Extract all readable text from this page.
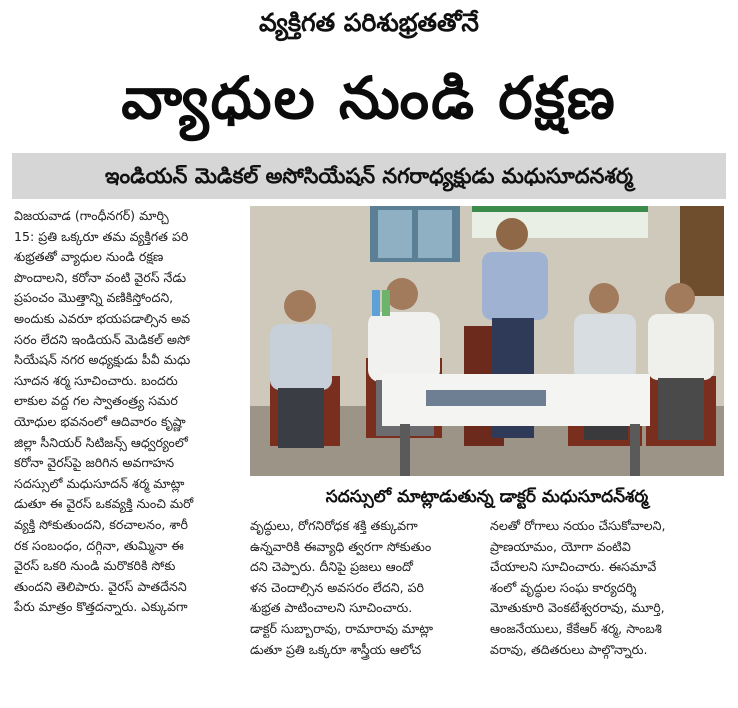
వ్యక్తిగత పరిశుభ్రతతోనే
వ్యాధుల నుండి రక్షణ
ఇండియన్ మెడికల్ అసోసియేషన్ నగరాధ్యక్షుడు మధుసూదనశర్మ
విజయవాడ (గాంధీనగర్) మార్చి
15: ప్రతి ఒక్కరూ తమ వ్యక్తిగత పరి
శుభ్రతతో వ్యాధుల నుండి రక్షణ
పొందాలని, కరోనా వంటి వైరస్ నేడు
ప్రపంచం మొత్తాన్ని వణికిస్తోందని,
అందుకు ఎవరూ భయపడాల్సిన అవ
సరం లేదని ఇండియన్ మెడికల్ అసో
సియేషన్ నగర అధ్యక్షుడు పీవీ మధు
సూదన శర్మ సూచించారు. బందరు
లాకుల వద్ద గల స్వాతంత్ర్య సమర
యోధుల భవనంలో ఆదివారం కృష్ణా
జిల్లా సీనియర్ సిటిజన్స్ ఆధ్వర్యంలో
కరోనా వైరస్‌పై జరిగిన అవగాహన
సదస్సులో మధుసూదన్ శర్మ మాట్లా
డుతూ ఈ వైరస్ ఒకవ్యక్తి నుంచి మరో
వ్యక్తి సోకుతుందని, కరచాలనం, శారీ
రక సంబంధం, దగ్గినా, తుమ్మినా ఈ
వైరస్ ఒకరి నుండి మరొకరికి సోకు
తుందని తెలిపారు. వైరస్ పాతదేనని
పేరు మాత్రం కొత్తదన్నారు. ఎక్కువగా
సదస్సులో మాట్లాడుతున్న డాక్టర్ మధుసూదన్‌శర్మ
వృద్ధులు, రోగనిరోధక శక్తి తక్కువగా
ఉన్నవారికి ఈవ్యాధి త్వరగా సోకుతుం
దని చెప్పారు. దీనిపై ప్రజలు ఆందో
ళన చెందాల్సిన అవసరం లేదని, పరి
శుభ్రత పాటించాలని సూచించారు.
డాక్టర్ సుబ్బారావు, రామారావు మాట్లా
డుతూ ప్రతి ఒక్కరూ శాస్త్రీయ ఆలోచ
నలతో రోగాలు నయం చేసుకోవాలని,
ప్రాణయామం, యోగా వంటివి
చేయాలని సూచించారు. ఈసమావే
శంలో వృద్ధుల సంఘ కార్యదర్శి
మోతుకూరి వెంకటేశ్వరరావు, మూర్తి,
ఆంజనేయులు, కేకేఆర్ శర్మ, సాంబశి
వరావు, తదితరులు పాల్గొన్నారు.
